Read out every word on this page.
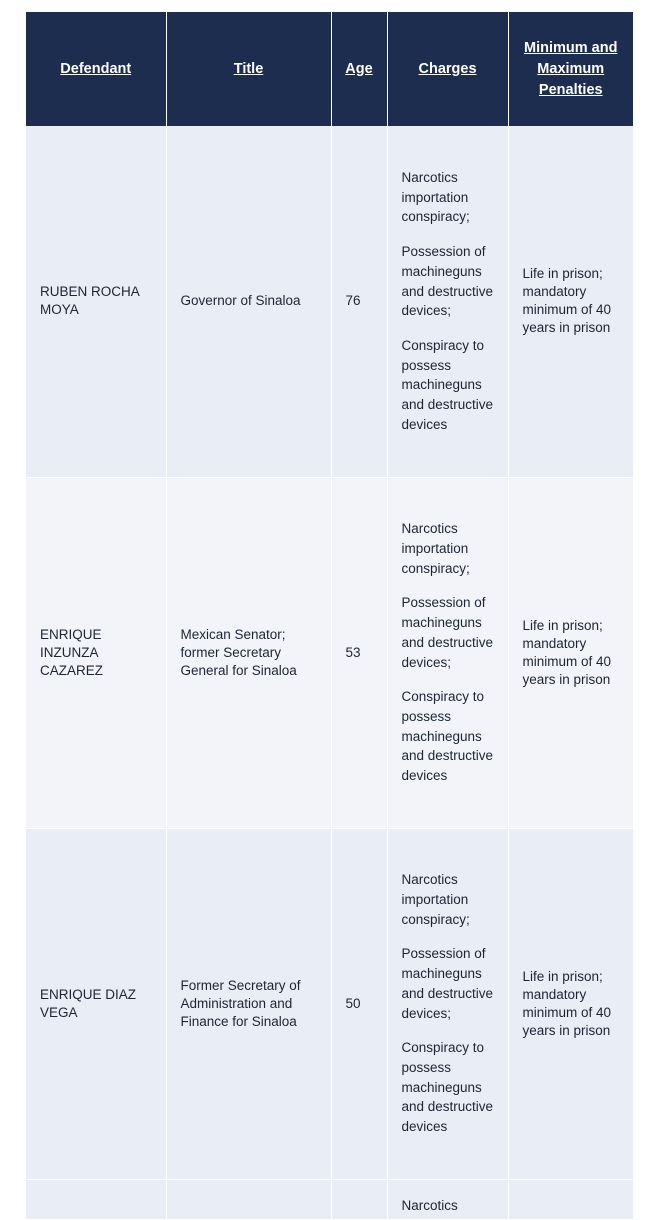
Defendant	Title	Age	Charges	Minimum and Maximum Penalties
RUBEN ROCHA MOYA	Governor of Sinaloa	76	Narcotics importation conspiracy;

Possession of machineguns and destructive devices;

Conspiracy to possess machineguns and destructive devices	Life in prison; mandatory minimum of 40 years in prison
ENRIQUE INZUNZA CAZAREZ	Mexican Senator; former Secretary General for Sinaloa	53	Narcotics importation conspiracy;

Possession of machineguns and destructive devices;

Conspiracy to possess machineguns and destructive devices	Life in prison; mandatory minimum of 40 years in prison
ENRIQUE DIAZ VEGA	Former Secretary of Administration and Finance for Sinaloa	50	Narcotics importation conspiracy;

Possession of machineguns and destructive devices;

Conspiracy to possess machineguns and destructive devices	Life in prison; mandatory minimum of 40 years in prison

			Narcotics	
